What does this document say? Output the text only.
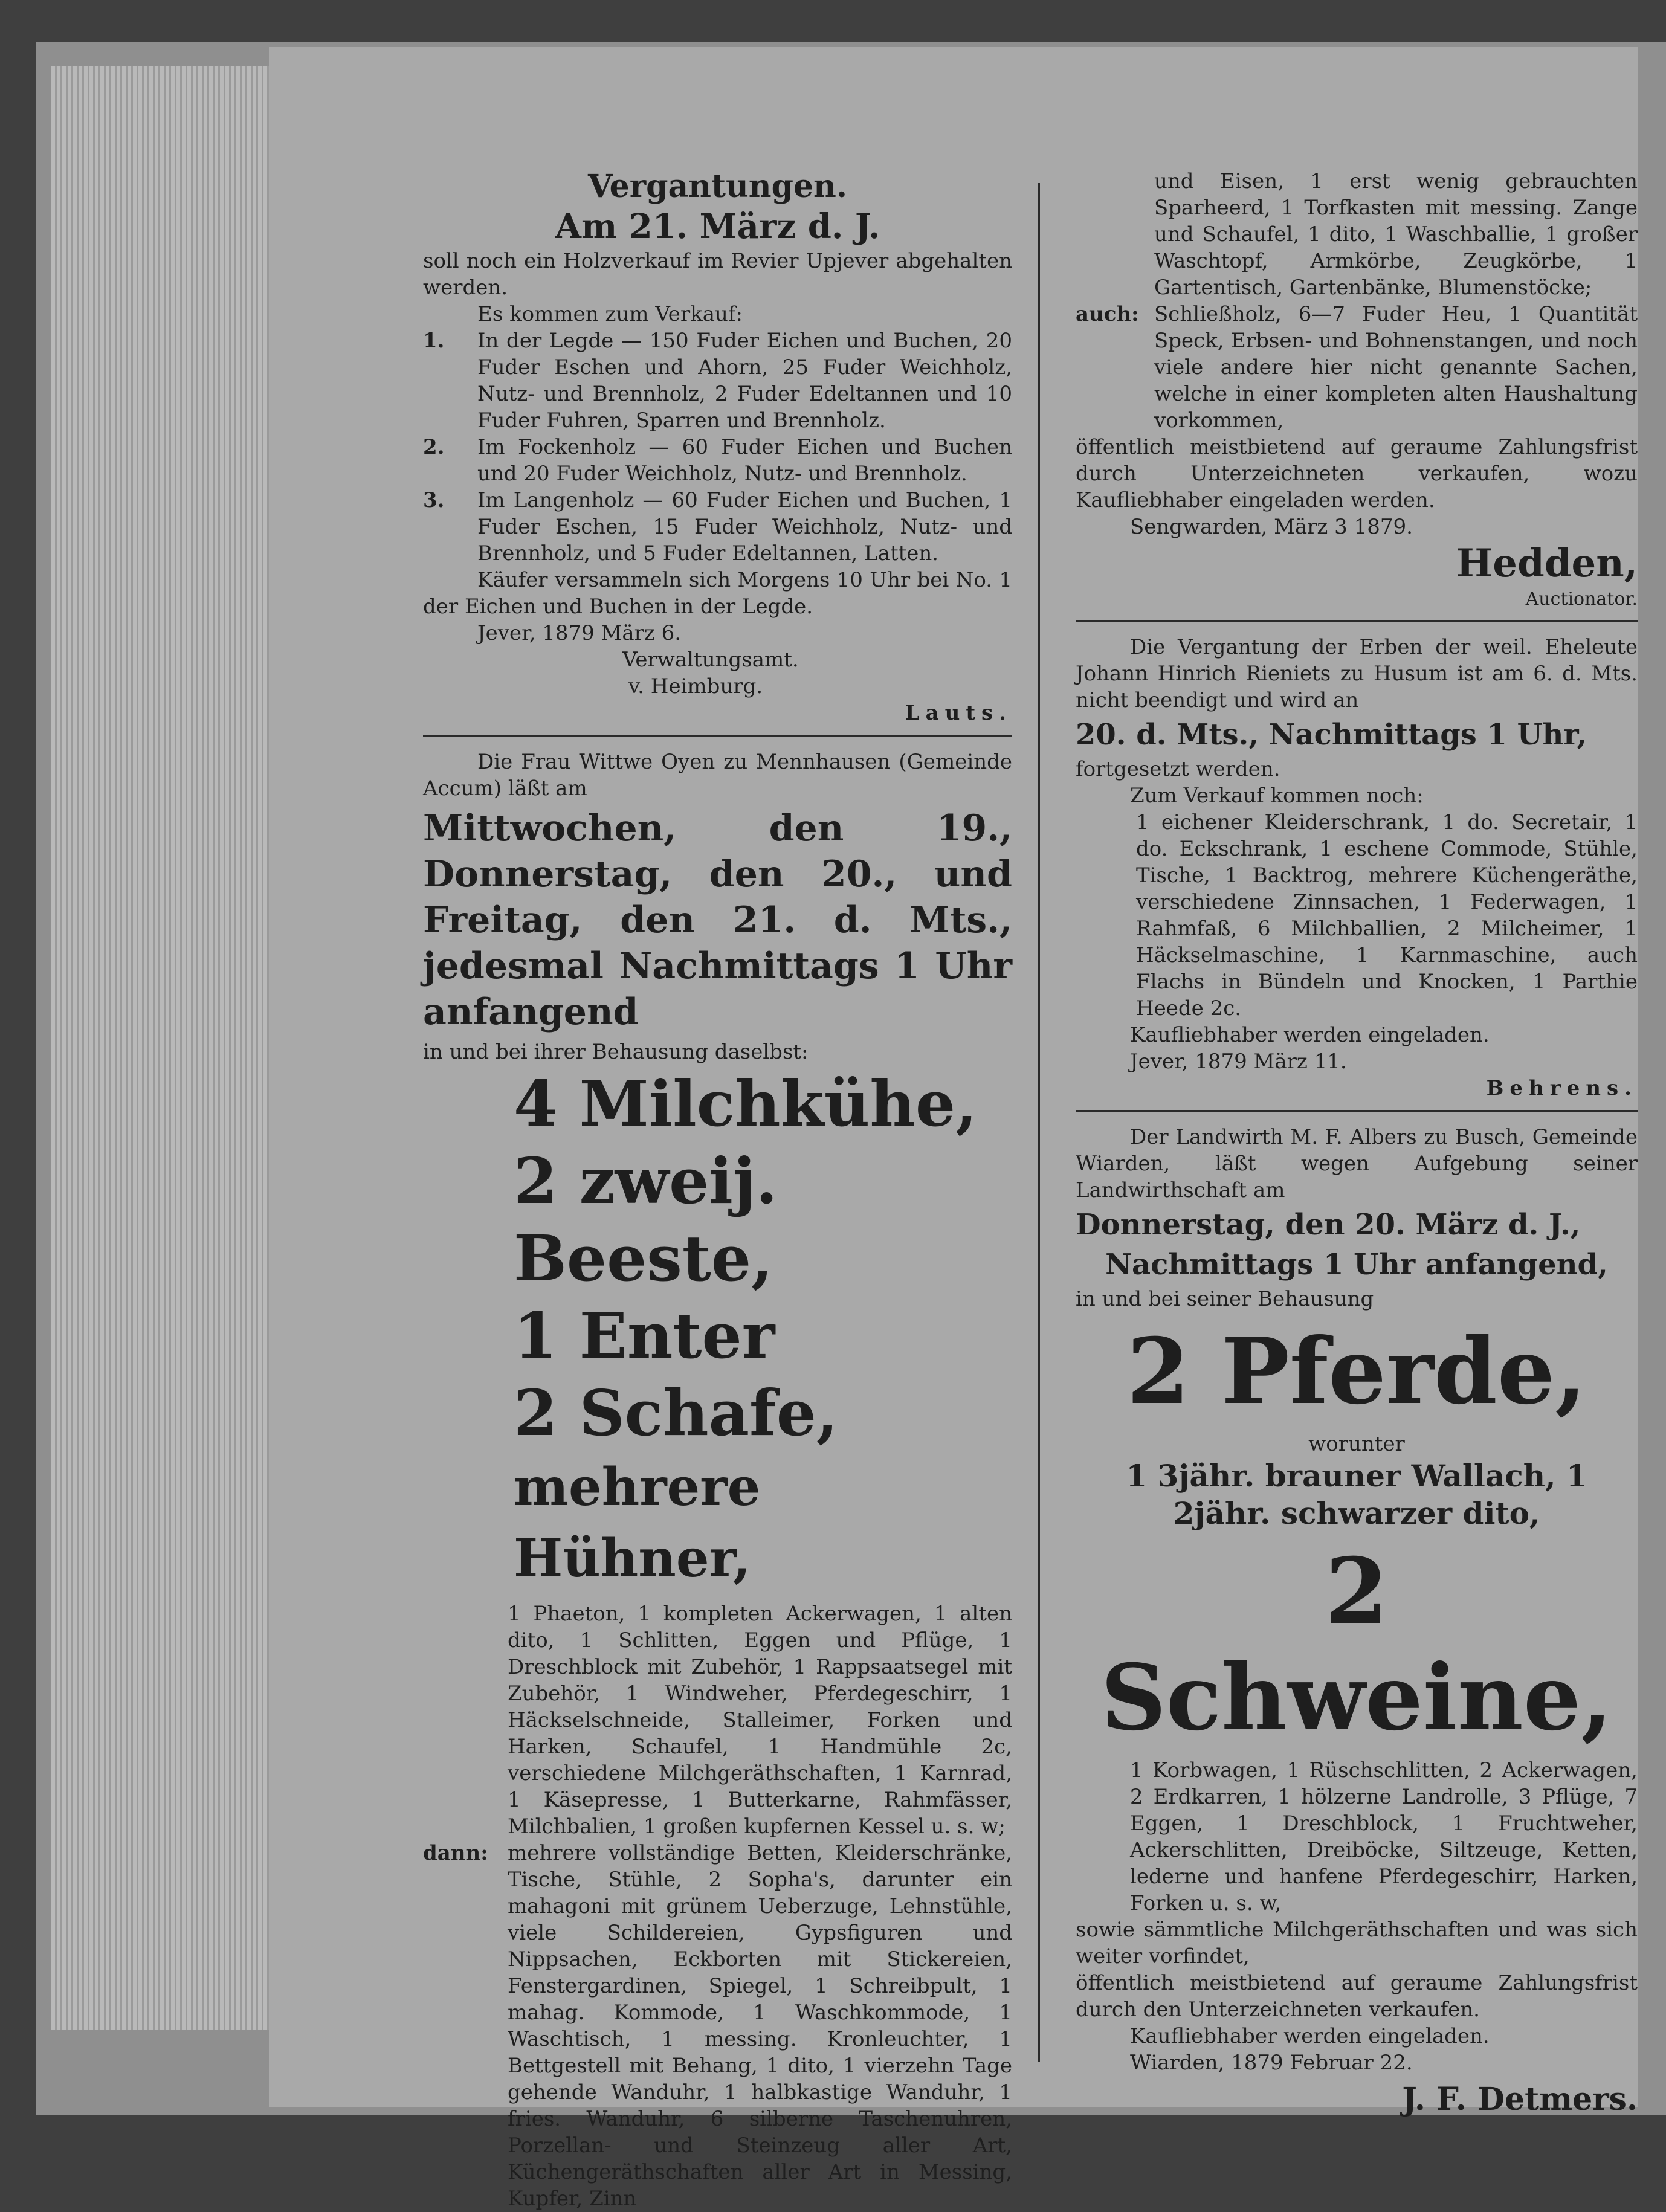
Vergantungen.

Am 21. März d. J.

soll noch ein Holzverkauf im Revier Upjever abgehalten werden.

Es kommen zum Verkauf:

1.	In der Legde — 150 Fuder Eichen und Buchen, 20 Fuder Eschen und Ahorn, 25 Fuder Weichholz, Nutz- und Brennholz, 2 Fuder Edeltannen und 10 Fuder Fuhren, Sparren und Brennholz.
2.	Im Fockenholz — 60 Fuder Eichen und Buchen und 20 Fuder Weichholz, Nutz- und Brennholz.
3.	Im Langenholz — 60 Fuder Eichen und Buchen, 1 Fuder Eschen, 15 Fuder Weichholz, Nutz- und Brennholz, und 5 Fuder Edeltannen, Latten.

Käufer versammeln sich Morgens 10 Uhr bei No. 1 der Eichen und Buchen in der Legde.

Jever, 1879 März 6.

Verwaltungsamt.

v. Heimburg.

Lauts.

Die Frau Wittwe Oyen zu Mennhausen (Gemeinde Accum) läßt am

Mittwochen, den 19., Donnerstag, den 20., und Freitag, den 21. d. Mts., jedesmal Nachmittags 1 Uhr anfangend

in und bei ihrer Behausung daselbst:

4 Milchkühe,

2 zweij. Beeste,

1 Enter

2 Schafe,

mehrere Hühner,

1 Phaeton, 1 kompleten Ackerwagen, 1 alten dito, 1 Schlitten, Eggen und Pflüge, 1 Dreschblock mit Zubehör, 1 Rappsaatsegel mit Zubehör, 1 Windweher, Pferdegeschirr, 1 Häckselschneide, Stalleimer, Forken und Harken, Schaufel, 1 Handmühle 2c, verschiedene Milchgeräthschaften, 1 Karnrad, 1 Käsepresse, 1 Butterkarne, Rahmfässer, Milchbalien, 1 großen kupfernen Kessel u. s. w;

dann: mehrere vollständige Betten, Kleiderschränke, Tische, Stühle, 2 Sopha's, darunter ein mahagoni mit grünem Ueberzuge, Lehnstühle, viele Schildereien, Gypsfiguren und Nippsachen, Eckborten mit Stickereien, Fenstergardinen, Spiegel, 1 Schreibpult, 1 mahag. Kommode, 1 Waschkommode, 1 Waschtisch, 1 messing. Kronleuchter, 1 Bettgestell mit Behang, 1 dito, 1 vierzehn Tage gehende Wanduhr, 1 halbkastige Wanduhr, 1 fries. Wanduhr, 6 silberne Taschenuhren, Porzellan- und Steinzeug aller Art, Küchengeräthschaften aller Art in Messing, Kupfer, Zinn

und Eisen, 1 erst wenig gebrauchten Sparheerd, 1 Torfkasten mit messing. Zange und Schaufel, 1 dito, 1 Waschballie, 1 großer Waschtopf, Armkörbe, Zeugkörbe, 1 Gartentisch, Gartenbänke, Blumenstöcke;

auch: Schließholz, 6—7 Fuder Heu, 1 Quantität Speck, Erbsen- und Bohnenstangen, und noch viele andere hier nicht genannte Sachen, welche in einer kompleten alten Haushaltung vorkommen,

öffentlich meistbietend auf geraume Zahlungsfrist durch Unterzeichneten verkaufen, wozu Kaufliebhaber eingeladen werden.

Sengwarden, März 3 1879.

Hedden,

Auctionator.

Die Vergantung der Erben der weil. Eheleute Johann Hinrich Rieniets zu Husum ist am 6. d. Mts. nicht beendigt und wird an

20. d. Mts., Nachmittags 1 Uhr,

fortgesetzt werden.

Zum Verkauf kommen noch:

1 eichener Kleiderschrank, 1 do. Secretair, 1 do. Eckschrank, 1 eschene Commode, Stühle, Tische, 1 Backtrog, mehrere Küchengeräthe, verschiedene Zinnsachen, 1 Federwagen, 1 Rahmfaß, 6 Milchballien, 2 Milcheimer, 1 Häckselmaschine, 1 Karnmaschine, auch Flachs in Bündeln und Knocken, 1 Parthie Heede 2c.

Kaufliebhaber werden eingeladen.

Jever, 1879 März 11.

Behrens.

Der Landwirth M. F. Albers zu Busch, Gemeinde Wiarden, läßt wegen Aufgebung seiner Landwirthschaft am

Donnerstag, den 20. März d. J.,

Nachmittags 1 Uhr anfangend,

in und bei seiner Behausung

2 Pferde,

worunter

1 3jähr. brauner Wallach, 1 2jähr. schwarzer dito,

2 Schweine,

1 Korbwagen, 1 Rüschschlitten, 2 Ackerwagen, 2 Erdkarren, 1 hölzerne Landrolle, 3 Pflüge, 7 Eggen, 1 Dreschblock, 1 Fruchtweher, Ackerschlitten, Dreiböcke, Siltzeuge, Ketten, lederne und hanfene Pferdegeschirr, Harken, Forken u. s. w,

sowie sämmtliche Milchgeräthschaften und was sich weiter vorfindet,

öffentlich meistbietend auf geraume Zahlungsfrist durch den Unterzeichneten verkaufen.

Kaufliebhaber werden eingeladen.

Wiarden, 1879 Februar 22.

J. F. Detmers.
